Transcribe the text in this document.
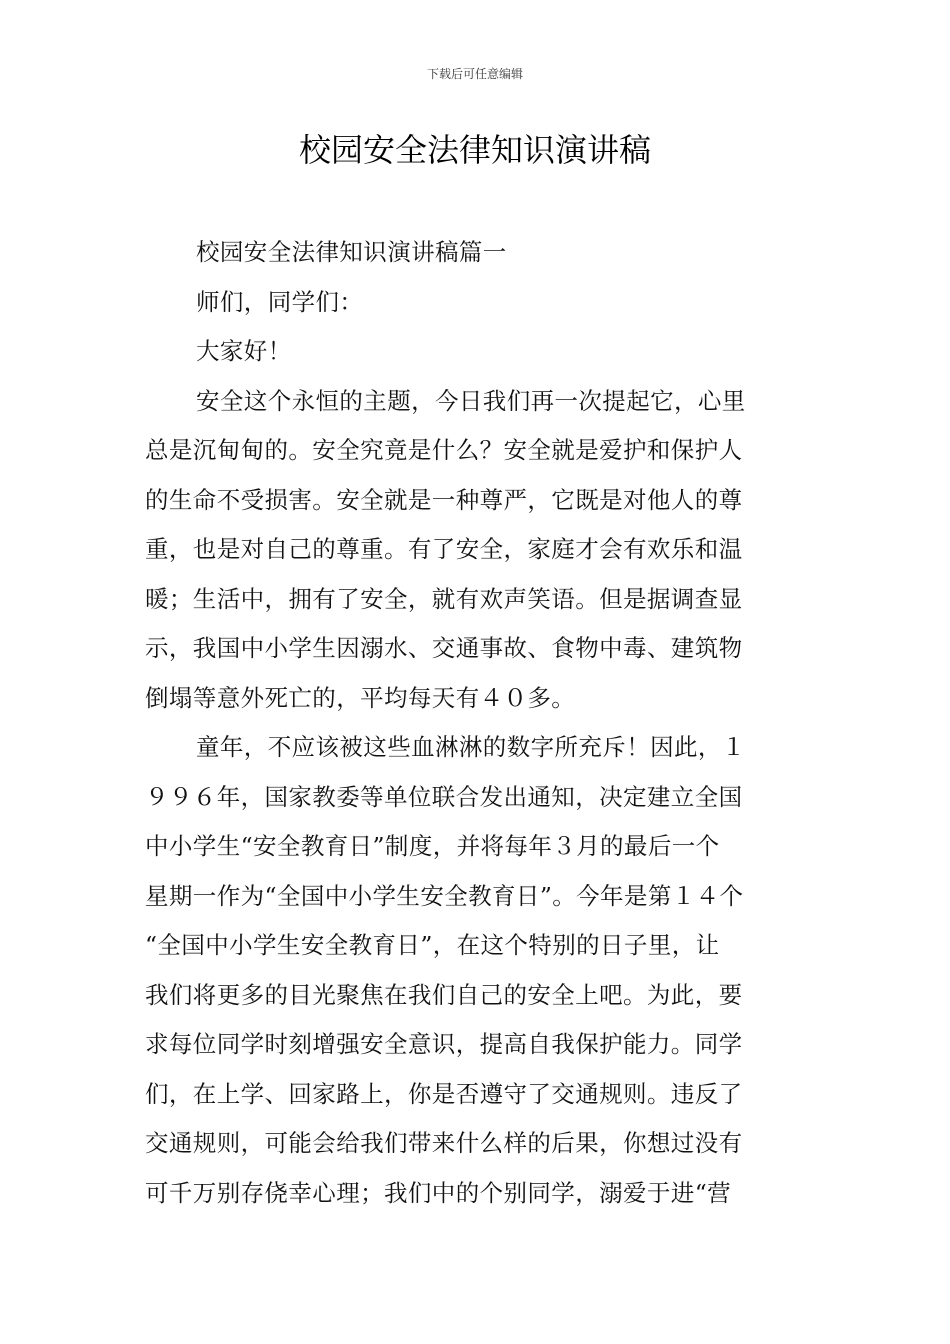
下载后可任意编辑
校园安全法律知识演讲稿
校园安全法律知识演讲稿篇一
师们，同学们：
大家好！
安全这个永恒的主题，今日我们再一次提起它，心里
总是沉甸甸的。安全究竟是什么？安全就是爱护和保护人
的生命不受损害。安全就是一种尊严，它既是对他人的尊
重，也是对自己的尊重。有了安全，家庭才会有欢乐和温
暖；生活中，拥有了安全，就有欢声笑语。但是据调查显
示，我国中小学生因溺水、交通事故、食物中毒、建筑物
倒塌等意外死亡的，平均每天有４０多。
童年，不应该被这些血淋淋的数字所充斥！因此，１
９９６年，国家教委等单位联合发出通知，决定建立全国
中小学生“安全教育日”制度，并将每年３月的最后一个
星期一作为“全国中小学生安全教育日”。今年是第１４个
“全国中小学生安全教育日”，在这个特别的日子里，让
我们将更多的目光聚焦在我们自己的安全上吧。为此，要
求每位同学时刻增强安全意识，提高自我保护能力。同学
们，在上学、回家路上，你是否遵守了交通规则。违反了
交通规则，可能会给我们带来什么样的后果，你想过没有
可千万别存侥幸心理；我们中的个别同学，溺爱于进“营
